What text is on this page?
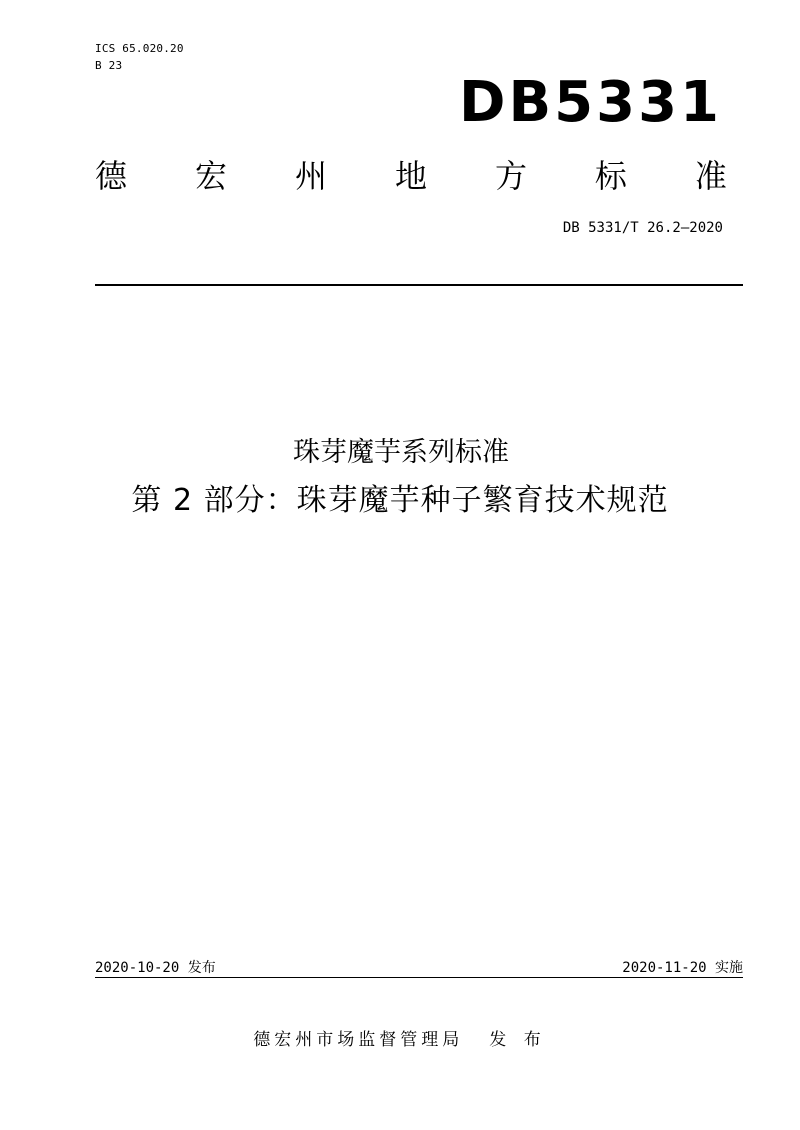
ICS 65.020.20
B 23
DB5331
德 宏 州 地 方 标 准
DB 5331/T 26.2—2020
珠芽魔芋系列标准
第 2 部分：珠芽魔芋种子繁育技术规范
2020-10-20 发布	2020-11-20 实施
德宏州市场监督管理局 发 布
